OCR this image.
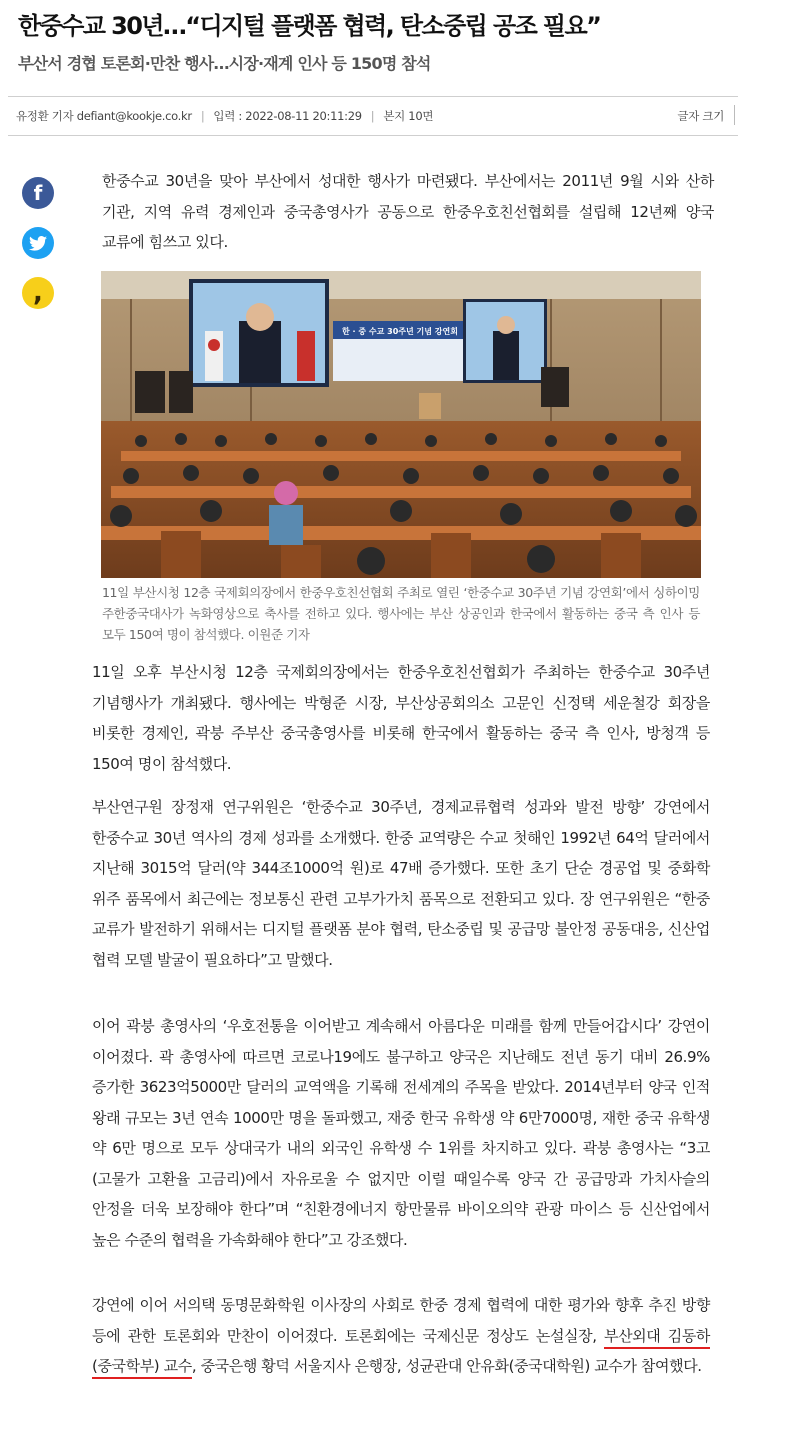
한중수교 30년…“디지털 플랫폼 협력, 탄소중립 공조 필요”
부산서 경협 토론회·만찬 행사…시장·재계 인사 등 150명 참석
유정환 기자 defiant@kookje.co.kr | 입력 : 2022-08-11 20:11:29 | 본지 10면	글자 크기
f
,

한중수교 30년을 맞아 부산에서 성대한 행사가 마련됐다. 부산에서는 2011년 9월 시와 산하 기관, 지역 유력 경제인과 중국총영사가 공동으로 한중우호친선협회를 설립해 12년째 양국 교류에 힘쓰고 있다.

한 · 중 수교 30주년 기념 강연회

11일 부산시청 12층 국제회의장에서 한중우호친선협회 주최로 열린 ‘한중수교 30주년 기념 강연회’에서 싱하이밍 주한중국대사가 녹화영상으로 축사를 전하고 있다. 행사에는 부산 상공인과 한국에서 활동하는 중국 측 인사 등 모두 150여 명이 참석했다. 이원준 기자

11일 오후 부산시청 12층 국제회의장에서는 한중우호친선협회가 주최하는 한중수교 30주년 기념행사가 개최됐다. 행사에는 박형준 시장, 부산상공회의소 고문인 신정택 세운철강 회장을 비롯한 경제인, 곽붕 주부산 중국총영사를 비롯해 한국에서 활동하는 중국 측 인사, 방청객 등 150여 명이 참석했다.

부산연구원 장정재 연구위원은 ‘한중수교 30주년, 경제교류협력 성과와 발전 방향’ 강연에서 한중수교 30년 역사의 경제 성과를 소개했다. 한중 교역량은 수교 첫해인 1992년 64억 달러에서 지난해 3015억 달러(약 344조1000억 원)로 47배 증가했다. 또한 초기 단순 경공업 및 중화학 위주 품목에서 최근에는 정보통신 관련 고부가가치 품목으로 전환되고 있다. 장 연구위원은 “한중 교류가 발전하기 위해서는 디지털 플랫폼 분야 협력, 탄소중립 및 공급망 불안정 공동대응, 신산업 협력 모델 발굴이 필요하다”고 말했다.

이어 곽붕 총영사의 ‘우호전통을 이어받고 계속해서 아름다운 미래를 함께 만들어갑시다’ 강연이 이어졌다. 곽 총영사에 따르면 코로나19에도 불구하고 양국은 지난해도 전년 동기 대비 26.9% 증가한 3623억5000만 달러의 교역액을 기록해 전세계의 주목을 받았다. 2014년부터 양국 인적 왕래 규모는 3년 연속 1000만 명을 돌파했고, 재중 한국 유학생 약 6만7000명, 재한 중국 유학생 약 6만 명으로 모두 상대국가 내의 외국인 유학생 수 1위를 차지하고 있다. 곽붕 총영사는 “3고(고물가 고환율 고금리)에서 자유로울 수 없지만 이럴 때일수록 양국 간 공급망과 가치사슬의 안정을 더욱 보장해야 한다”며 “친환경에너지 항만물류 바이오의약 관광 마이스 등 신산업에서 높은 수준의 협력을 가속화해야 한다”고 강조했다.

강연에 이어 서의택 동명문화학원 이사장의 사회로 한중 경제 협력에 대한 평가와 향후 추진 방향 등에 관한 토론회와 만찬이 이어졌다. 토론회에는 국제신문 정상도 논설실장, 부산외대 김동하(중국학부) 교수, 중국은행 황덕 서울지사 은행장, 성균관대 안유화(중국대학원) 교수가 참여했다.
